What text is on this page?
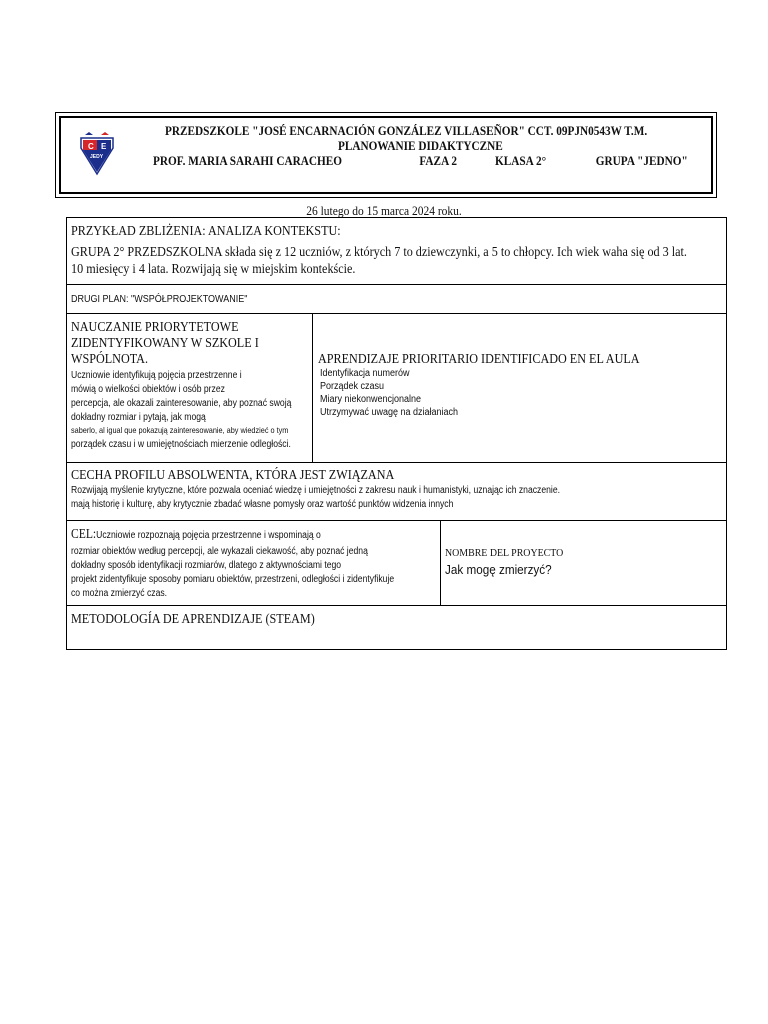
C E
JEDY
PRZEDSZKOLE "JOSÉ ENCARNACIÓN GONZÁLEZ VILLASEÑOR" CCT. 09PJN0543W T.M.
PLANOWANIE DIDAKTYCZNE
PROF. MARIA SARAHI CARACHEO	FAZA 2	KLASA 2°	GRUPA "JEDNO"
26 lutego do 15 marca 2024 roku.
PRZYKŁAD ZBLIŻENIA: ANALIZA KONTEKSTU:
GRUPA 2° PRZEDSZKOLNA składa się z 12 uczniów, z których 7 to dziewczynki, a 5 to chłopcy. Ich wiek waha się od 3 lat.
10 miesięcy i 4 lata. Rozwijają się w miejskim kontekście.
DRUGI PLAN: "WSPÓŁPROJEKTOWANIE"
NAUCZANIE PRIORYTETOWE
ZIDENTYFIKOWANY W SZKOLE I
WSPÓLNOTA.
Uczniowie identyfikują pojęcia przestrzenne i
mówią o wielkości obiektów i osób przez
percepcja, ale okazali zainteresowanie, aby poznać swoją
dokładny rozmiar i pytają, jak mogą
saberlo, al igual que pokazują zainteresowanie, aby wiedzieć o tym
porządek czasu i w umiejętnościach mierzenie odległości.
APRENDIZAJE PRIORITARIO IDENTIFICADO EN EL AULA
Identyfikacja numerów
Porządek czasu
Miary niekonwencjonalne
Utrzymywać uwagę na działaniach
CECHA PROFILU ABSOLWENTA, KTÓRA JEST ZWIĄZANA
Rozwijają myślenie krytyczne, które pozwala oceniać wiedzę i umiejętności z zakresu nauk i humanistyki, uznając ich znaczenie.
mają historię i kulturę, aby krytycznie zbadać własne pomysły oraz wartość punktów widzenia innych
CEL:Uczniowie rozpoznają pojęcia przestrzenne i wspominają o
rozmiar obiektów według percepcji, ale wykazali ciekawość, aby poznać jedną
dokładny sposób identyfikacji rozmiarów, dlatego z aktywnościami tego
projekt zidentyfikuje sposoby pomiaru obiektów, przestrzeni, odległości i zidentyfikuje
co można zmierzyć czas.
NOMBRE DEL PROYECTO
Jak mogę zmierzyć?
METODOLOGÍA DE APRENDIZAJE (STEAM)
